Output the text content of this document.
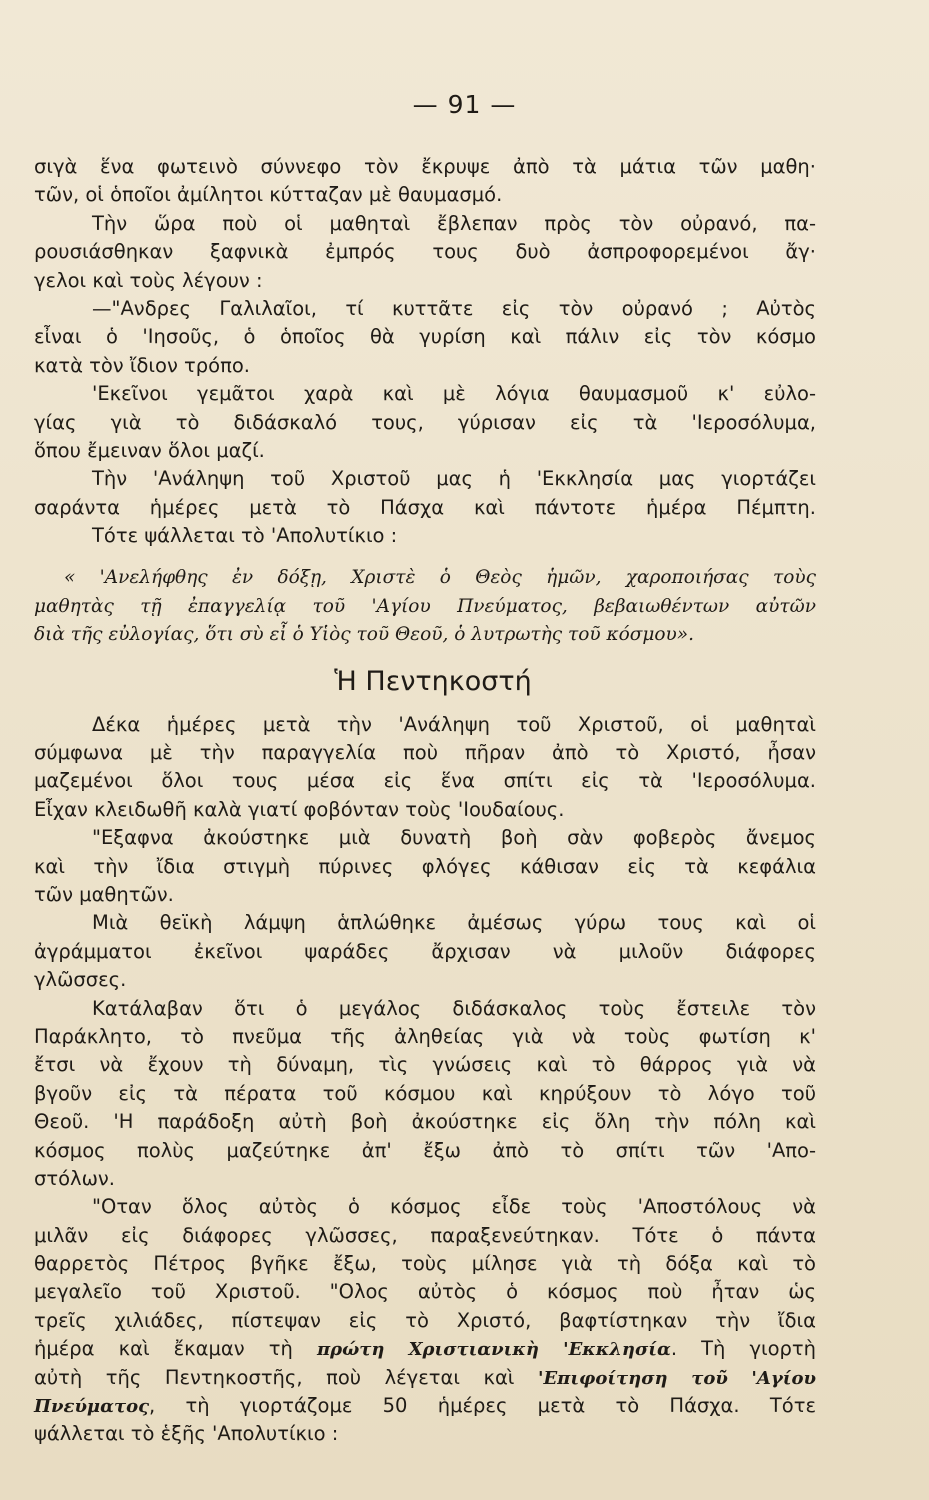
— 91 —
σιγὰ ἕνα φωτεινὸ σύννεφο τὸν ἔκρυψε ἀπὸ τὰ μάτια τῶν μαθη·
τῶν, οἱ ὁποῖοι ἀμίλητοι κύτταζαν μὲ θαυμασμό.
Τὴν ὥρα ποὺ οἱ μαθηταὶ ἔβλεπαν πρὸς τὸν οὐρανό, πα-
ρουσιάσθηκαν ξαφνικὰ ἐμπρός τους δυὸ ἀσπροφορεμένοι ἄγ·
γελοι καὶ τοὺς λέγουν :
—"Ανδρες Γαλιλαῖοι, τί κυττᾶτε εἰς τὸν οὐρανό ; Αὐτὸς
εἶναι ὁ 'Ιησοῦς, ὁ ὁποῖος θὰ γυρίση καὶ πάλιν εἰς τὸν κόσμο
κατὰ τὸν ἴδιον τρόπο.
'Εκεῖνοι γεμᾶτοι χαρὰ καὶ μὲ λόγια θαυμασμοῦ κ' εὐλο-
γίας γιὰ τὸ διδάσκαλό τους, γύρισαν εἰς τὰ 'Ιεροσόλυμα,
ὅπου ἔμειναν ὅλοι μαζί.
Τὴν 'Ανάληψη τοῦ Χριστοῦ μας ἡ 'Εκκλησία μας γιορτάζει
σαράντα ἡμέρες μετὰ τὸ Πάσχα καὶ πάντοτε ἡμέρα Πέμπτη.
Τότε ψάλλεται τὸ 'Απολυτίκιο :
« 'Ανελήφθης ἐν δόξῃ, Χριστὲ ὁ Θεὸς ἡμῶν, χαροποιήσας τοὺς
μαθητὰς τῇ ἐπαγγελίᾳ τοῦ 'Αγίου Πνεύματος, βεβαιωθέντων αὐτῶν
διὰ τῆς εὐλογίας, ὅτι σὺ εἶ ὁ Υἱὸς τοῦ Θεοῦ, ὁ λυτρωτὴς τοῦ κόσμου».
Ἡ Πεντηκοστή
Δέκα ἡμέρες μετὰ τὴν 'Ανάληψη τοῦ Χριστοῦ, οἱ μαθηταὶ
σύμφωνα μὲ τὴν παραγγελία ποὺ πῆραν ἀπὸ τὸ Χριστό, ἦσαν
μαζεμένοι ὅλοι τους μέσα εἰς ἕνα σπίτι εἰς τὰ 'Ιεροσόλυμα.
Εἶχαν κλειδωθῆ καλὰ γιατί φοβόνταν τοὺς 'Ιουδαίους.
"Εξαφνα ἀκούστηκε μιὰ δυνατὴ βοὴ σὰν φοβερὸς ἄνεμος
καὶ τὴν ἴδια στιγμὴ πύρινες φλόγες κάθισαν εἰς τὰ κεφάλια
τῶν μαθητῶν.
Μιὰ θεϊκὴ λάμψη ἁπλώθηκε ἀμέσως γύρω τους καὶ οἱ
ἀγράμματοι ἐκεῖνοι ψαράδες ἄρχισαν νὰ μιλοῦν διάφορες
γλῶσσες.
Κατάλαβαν ὅτι ὁ μεγάλος διδάσκαλος τοὺς ἔστειλε τὸν
Παράκλητο, τὸ πνεῦμα τῆς ἀληθείας γιὰ νὰ τοὺς φωτίση κ'
ἔτσι νὰ ἔχουν τὴ δύναμη, τὶς γνώσεις καὶ τὸ θάρρος γιὰ νὰ
βγοῦν εἰς τὰ πέρατα τοῦ κόσμου καὶ κηρύξουν τὸ λόγο τοῦ
Θεοῦ. 'Η παράδοξη αὐτὴ βοὴ ἀκούστηκε εἰς ὅλη τὴν πόλη καὶ
κόσμος πολὺς μαζεύτηκε ἀπ' ἔξω ἀπὸ τὸ σπίτι τῶν 'Απο-
στόλων.
"Οταν ὅλος αὐτὸς ὁ κόσμος εἶδε τοὺς 'Αποστόλους νὰ
μιλᾶν εἰς διάφορες γλῶσσες, παραξενεύτηκαν. Τότε ὁ πάντα
θαρρετὸς Πέτρος βγῆκε ἔξω, τοὺς μίλησε γιὰ τὴ δόξα καὶ τὸ
μεγαλεῖο τοῦ Χριστοῦ. "Ολος αὐτὸς ὁ κόσμος ποὺ ἦταν ὡς
τρεῖς χιλιάδες, πίστεψαν εἰς τὸ Χριστό, βαφτίστηκαν τὴν ἴδια
ἡμέρα καὶ ἔκαμαν τὴ πρώτη Χριστιανικὴ 'Εκκλησία. Τὴ γιορτὴ
αὐτὴ τῆς Πεντηκοστῆς, ποὺ λέγεται καὶ 'Επιφοίτηση τοῦ 'Αγίου
Πνεύματος, τὴ γιορτάζομε 50 ἡμέρες μετὰ τὸ Πάσχα. Τότε
ψάλλεται τὸ ἑξῆς 'Απολυτίκιο :
